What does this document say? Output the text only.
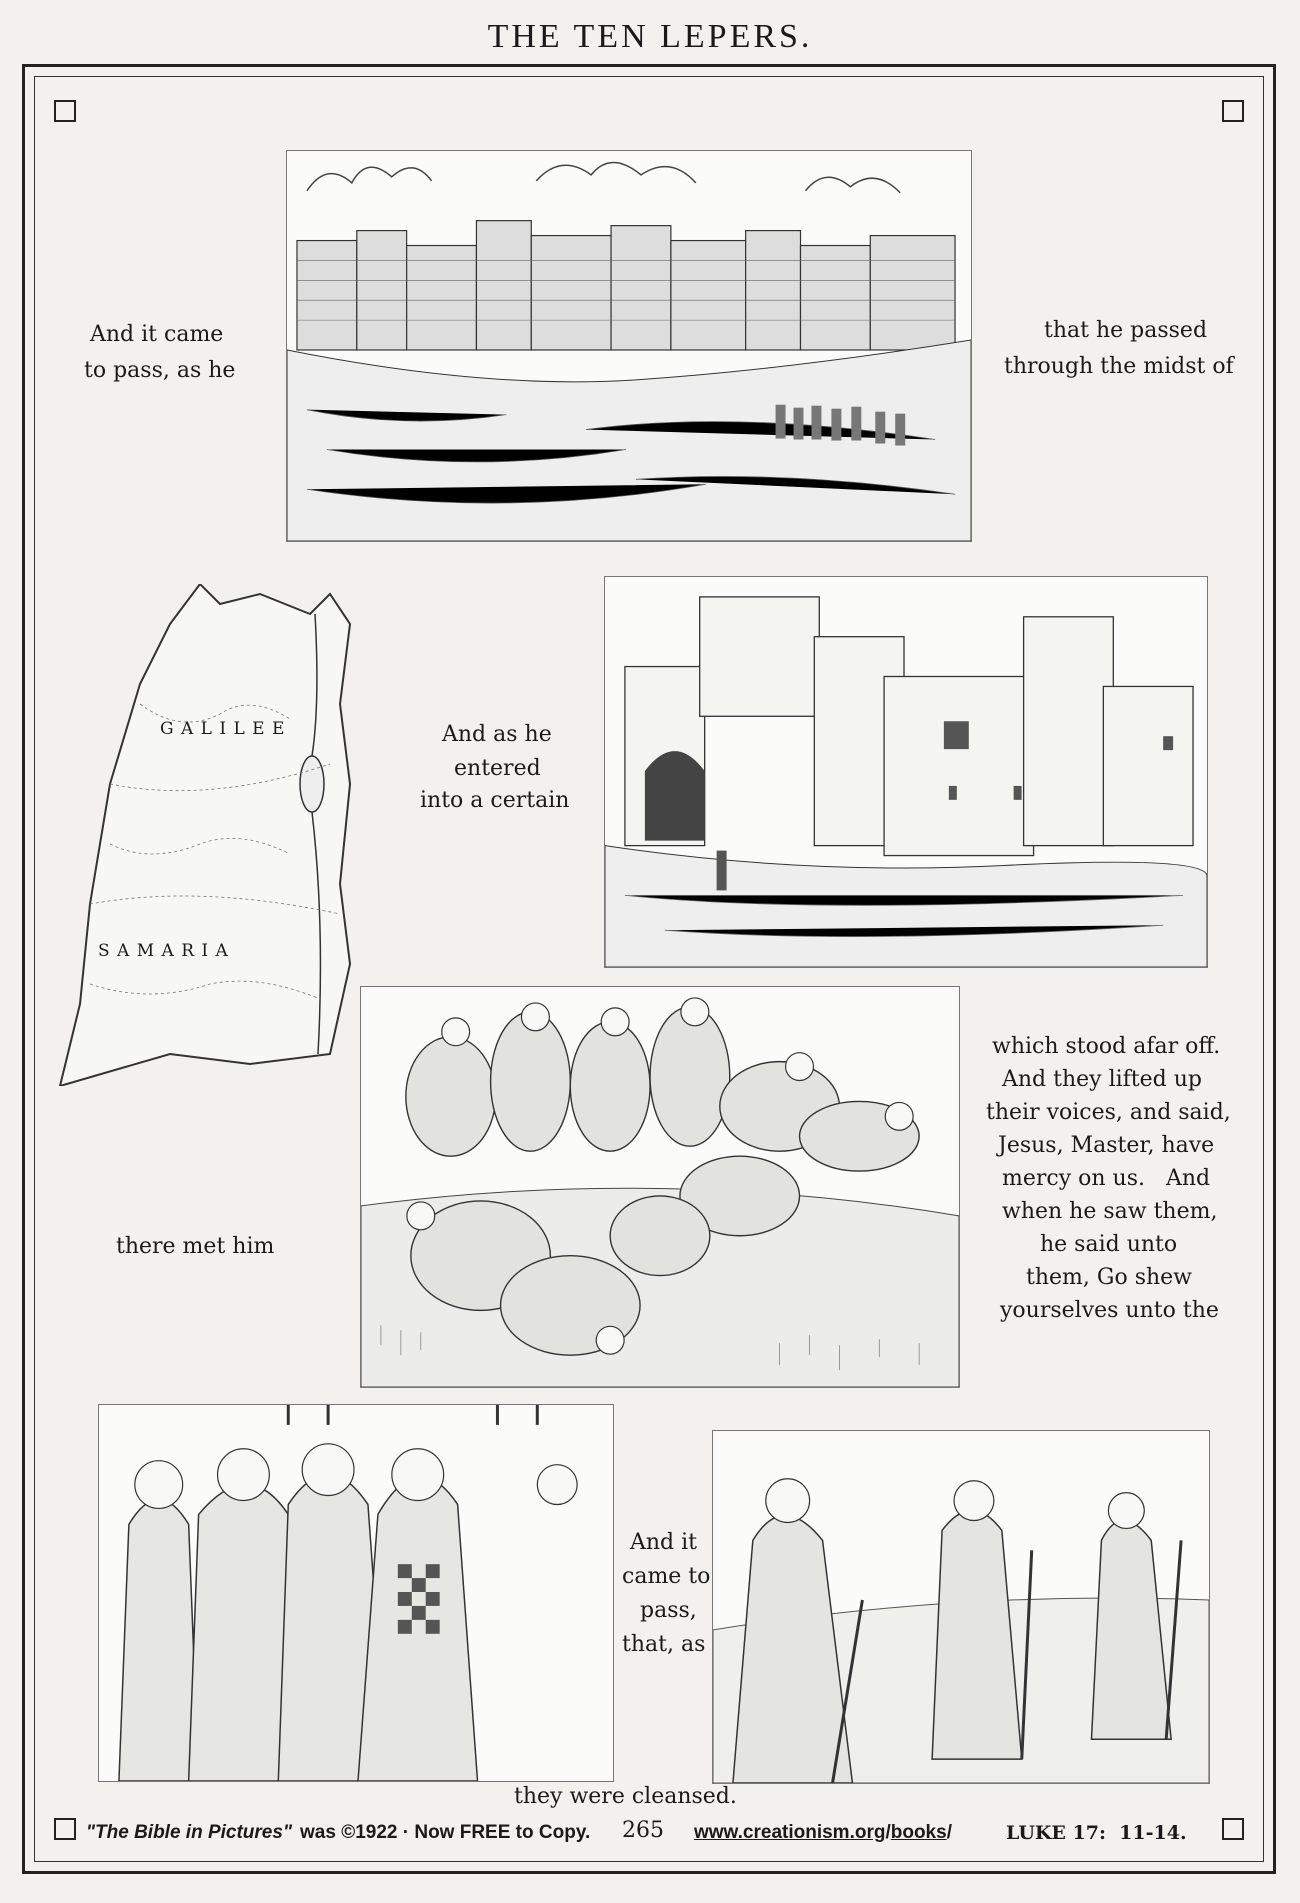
THE TEN LEPERS.
G A L I L E E
S A M A R I A
And it came
to pass, as he
that he passed
through the midst of
And as he
entered
into a certain
there met him
which stood afar off.
And they lifted up
their voices, and said,
Jesus, Master, have
mercy on us.   And
when he saw them,
he said unto
them, Go shew
yourselves unto the
And it
came to
pass,
that, as
they were cleansed.
"The Bible in Pictures" was ©1922 · Now FREE to Copy. 265 www.creationism.org/books/	LUKE 17:  11-14.
